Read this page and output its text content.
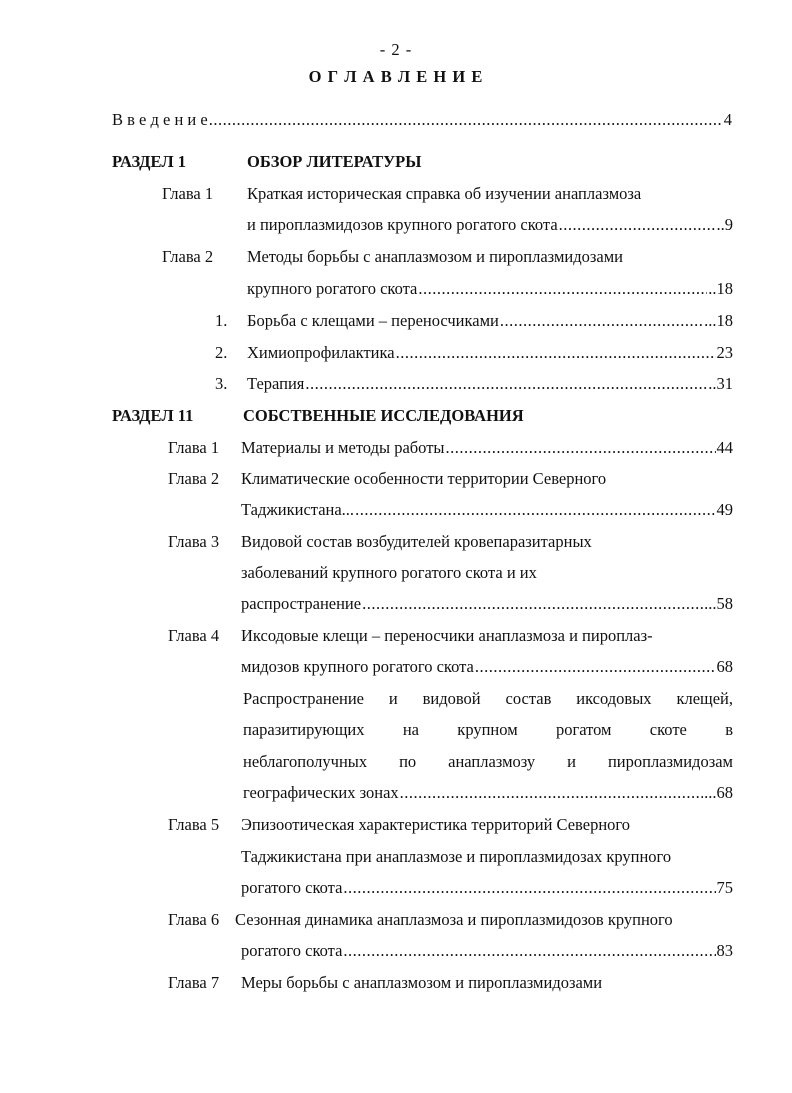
- 2 -
О Г Л А В Л Е Н И Е
В в е д е н и е .....	4
РАЗДЕЛ 1	ОБЗОР ЛИТЕРАТУРЫ
Глава 1 Краткая историческая справка об изучении анаплазмоза
и пироплазмидозов крупного рогатого скота .....	..9
Глава 2 Методы борьбы с анаплазмозом и пироплазмидозами
крупного рогатого скота .....	..18
1. Борьба с клещами – переносчиками .....	...18
2. Химиопрофилактика .....	23
3. Терапия .....	..31
РАЗДЕЛ 11	СОБСТВЕННЫЕ ИССЛЕДОВАНИЯ
Глава 1 Материалы и методы работы .....	44
Глава 2 Климатические особенности территории Северного
Таджикистана... .....	49
Глава 3 Видовой состав возбудителей кровепаразитарных
заболеваний крупного рогатого скота и их
распространение .....	...58
Глава 4 Иксодовые клещи – переносчики анаплазмоза и пироплаз-
мидозов крупного рогатого скота .....	68
Распространение и видовой состав иксодовых клещей,
паразитирующих на крупном рогатом скоте в
неблагополучных по анаплазмозу и пироплазмидозам
географических зонах .....	...68
Глава 5 Эпизоотическая характеристика территорий Северного
Таджикистана при анаплазмозе и пироплазмидозах крупного
рогатого скота .....	75
Глава 6 Сезонная динамика анаплазмоза и пироплазмидозов крупного
рогатого скота .....	83
Глава 7 Меры борьбы с анаплазмозом и пироплазмидозами
